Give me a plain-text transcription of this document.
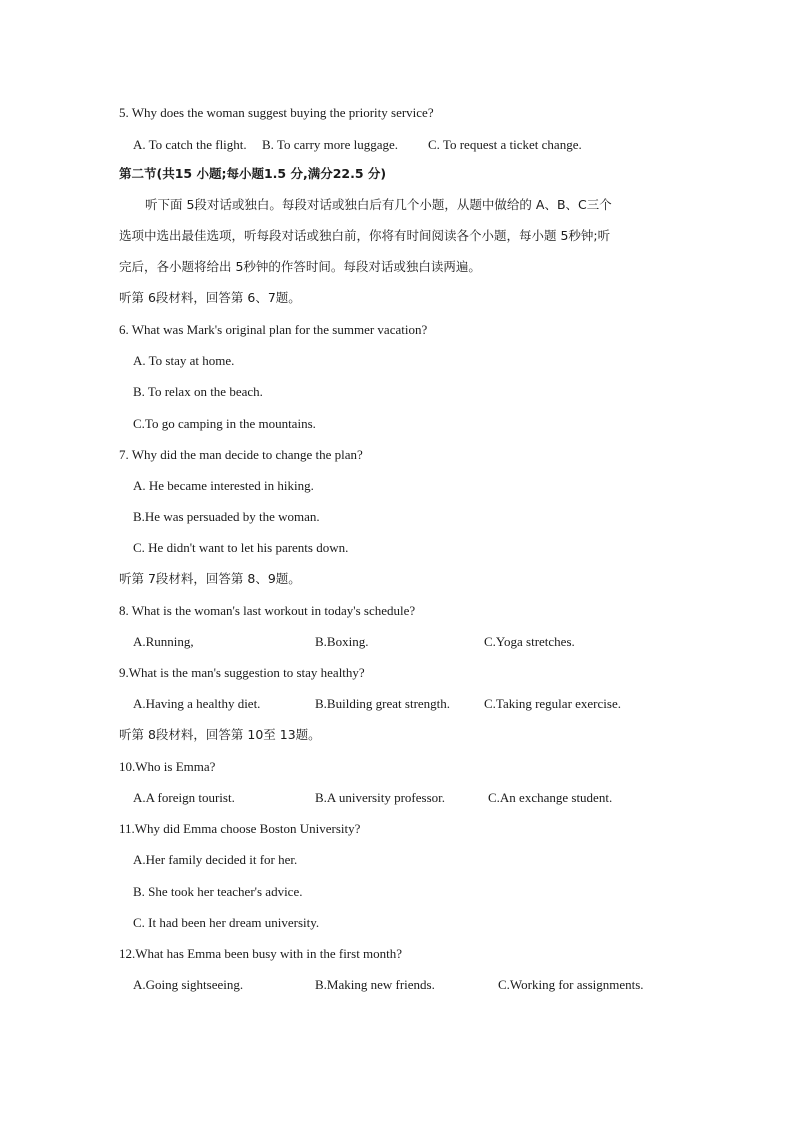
5. Why does the woman suggest buying the priority service?
A. To catch the flight. B. To carry more luggage. C. To request a ticket change.
第二节(共15 小题;每小题1.5 分,满分22.5 分)
听下面 5段对话或独白。每段对话或独白后有几个小题，从题中做给的 A、B、C三个
选项中选出最佳选项，听每段对话或独白前，你将有时间阅读各个小题，每小题 5秒钟;听
完后，各小题将给出 5秒钟的作答时间。每段对话或独白读两遍。
听第 6段材料，回答第 6、7题。
6. What was Mark's original plan for the summer vacation?
A. To stay at home.
B. To relax on the beach.
C.To go camping in the mountains.
7. Why did the man decide to change the plan?
A. He became interested in hiking.
B.He was persuaded by the woman.
C. He didn't want to let his parents down.
听第 7段材料，回答第 8、9题。
8. What is the woman's last workout in today's schedule?
A.Running,	B.Boxing.	C.Yoga stretches.
9.What is the man's suggestion to stay healthy?
A.Having a healthy diet.	B.Building great strength.	C.Taking regular exercise.
听第 8段材料，回答第 10至 13题。
10.Who is Emma?
A.A foreign tourist.	B.A university professor.	C.An exchange student.
11.Why did Emma choose Boston University?
A.Her family decided it for her.
B. She took her teacher's advice.
C. It had been her dream university.
12.What has Emma been busy with in the first month?
A.Going sightseeing.	B.Making new friends.	C.Working for assignments.
